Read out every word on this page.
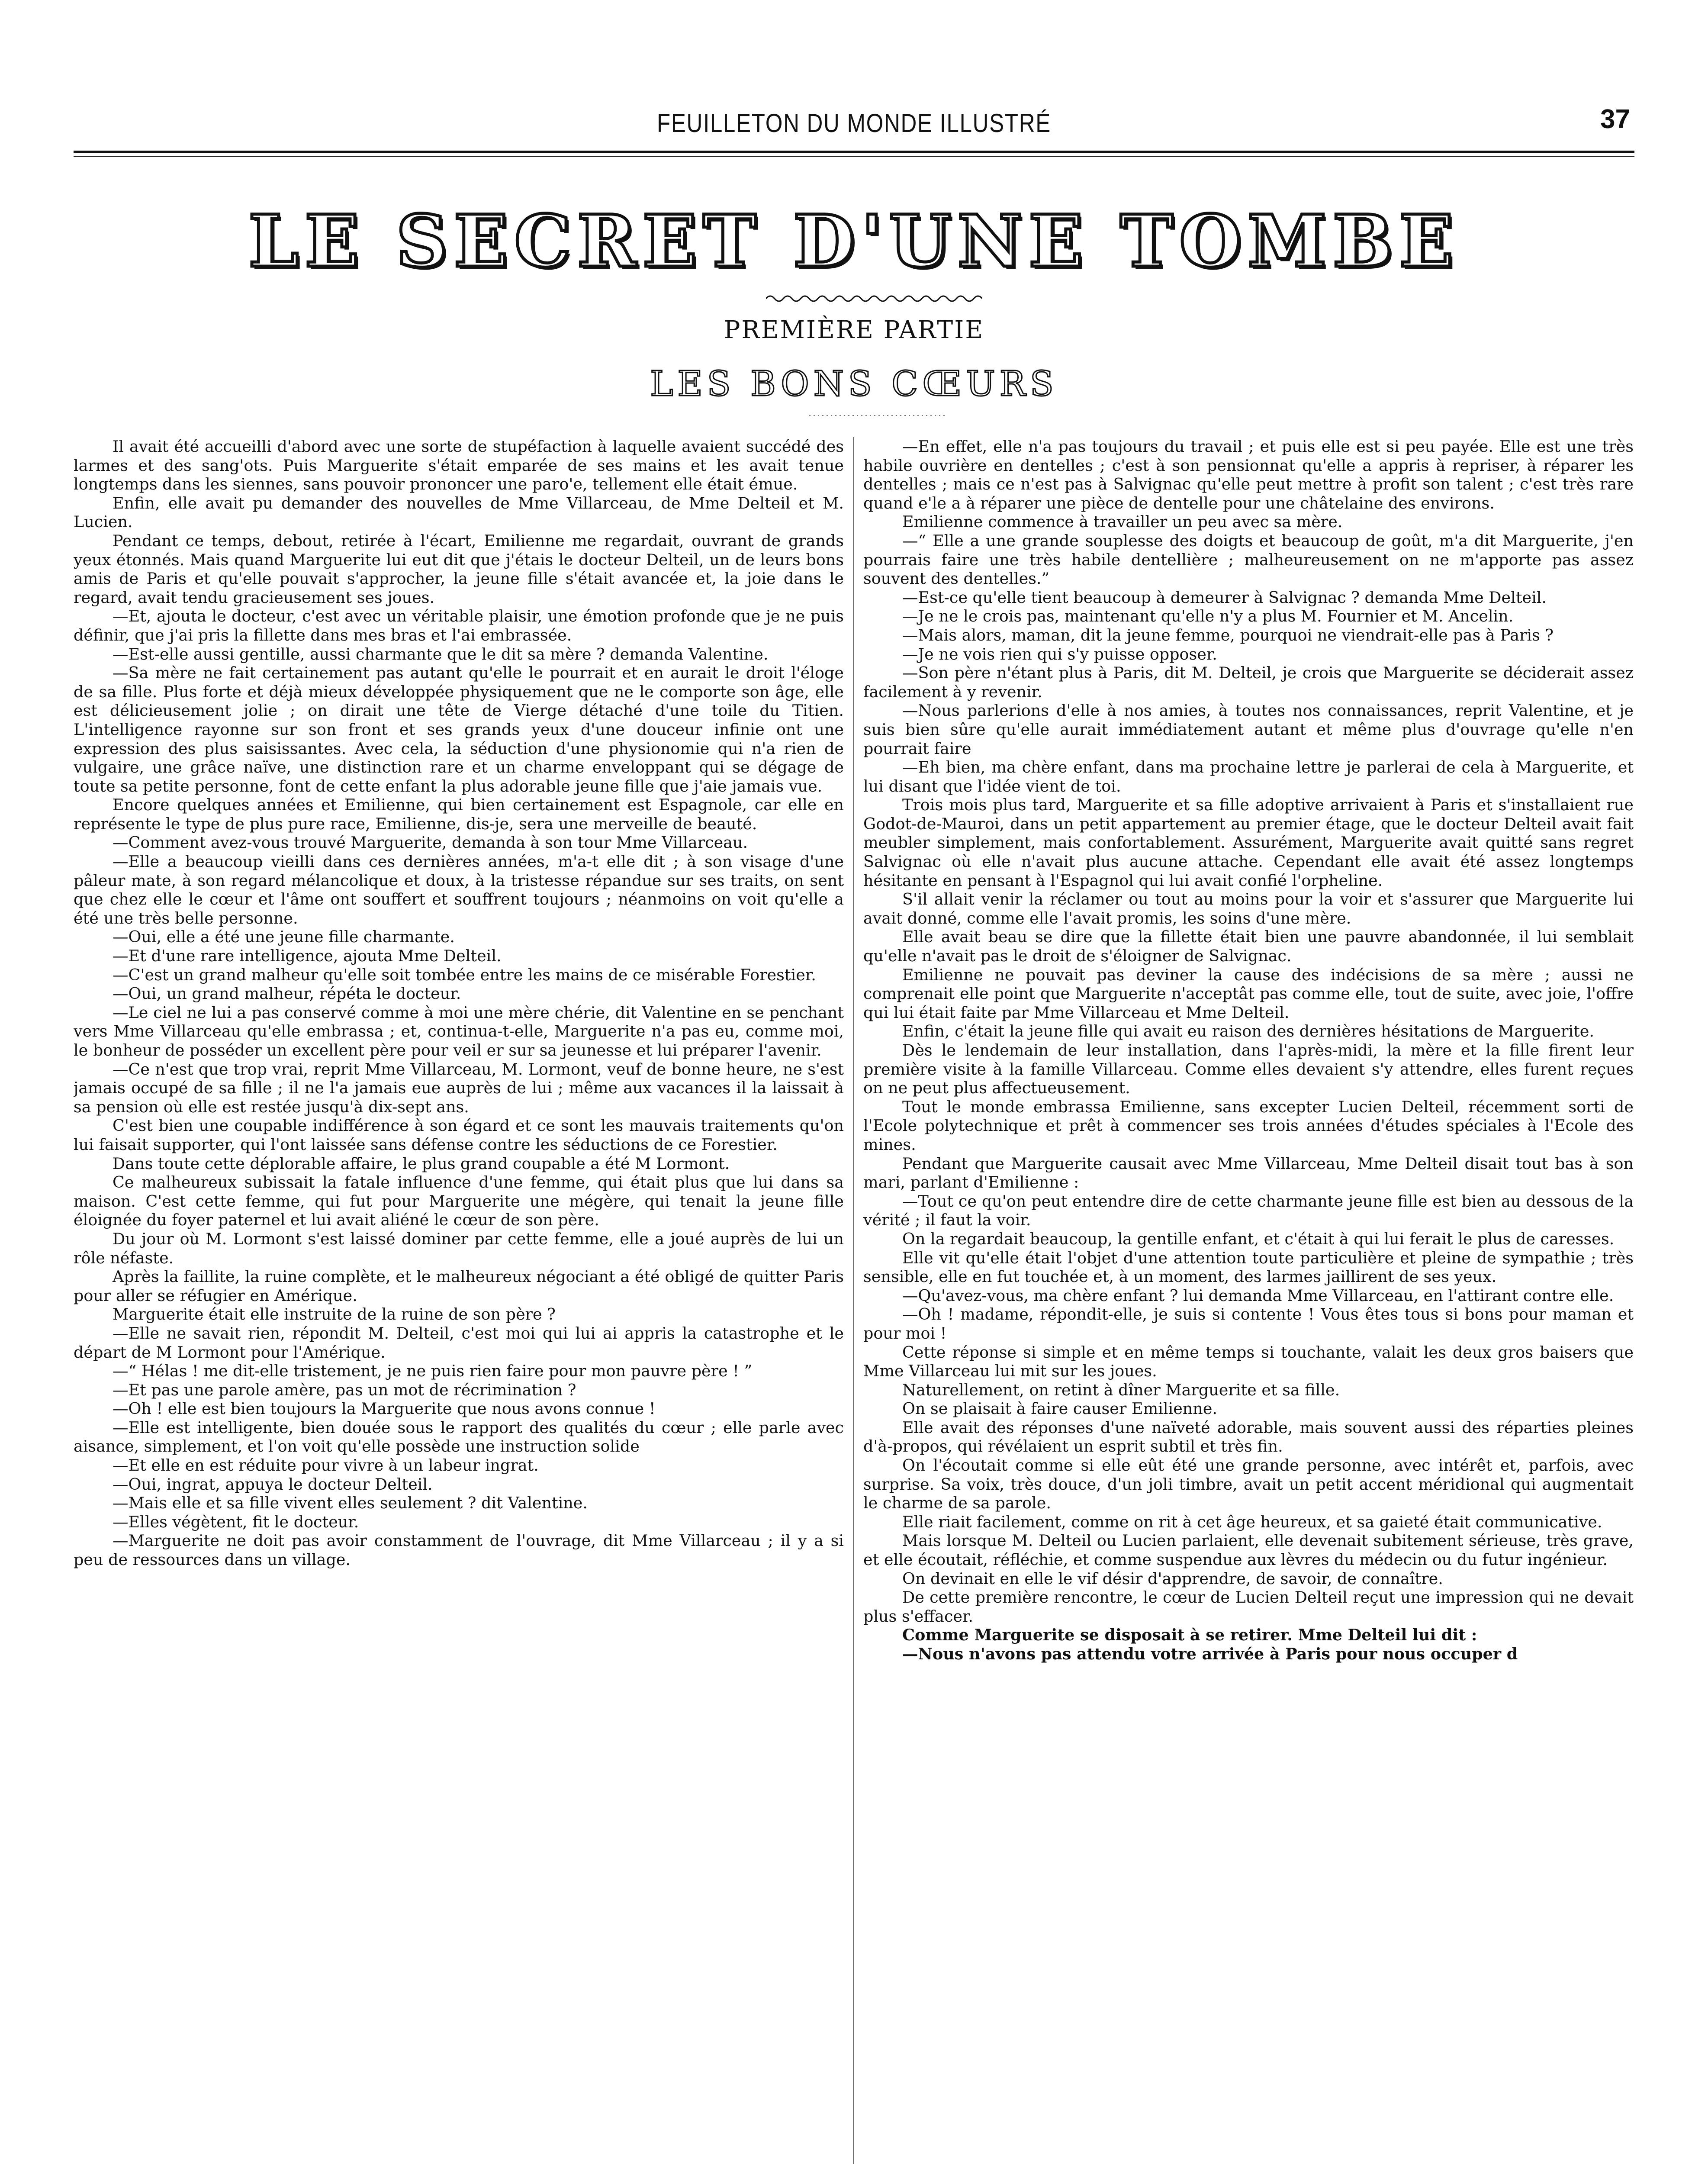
FEUILLETON DU MONDE ILLUSTRÉ	37
LE SECRET D'UNE TOMBE
PREMIÈRE PARTIE
LES BONS CŒURS

Il avait été accueilli d'abord avec une sorte de stupéfaction à laquelle avaient succédé des larmes et des sang'ots. Puis Marguerite s'était emparée de ses mains et les avait tenue longtemps dans les siennes, sans pouvoir prononcer une paro'e, tellement elle était émue.

Enfin, elle avait pu demander des nouvelles de Mme Villarceau, de Mme Delteil et M. Lucien.

Pendant ce temps, debout, retirée à l'écart, Emilienne me regardait, ouvrant de grands yeux étonnés. Mais quand Marguerite lui eut dit que j'étais le docteur Delteil, un de leurs bons amis de Paris et qu'elle pouvait s'approcher, la jeune fille s'était avancée et, la joie dans le regard, avait tendu gracieusement ses joues.

—Et, ajouta le docteur, c'est avec un véritable plaisir, une émotion profonde que je ne puis définir, que j'ai pris la fillette dans mes bras et l'ai embrassée.

—Est-elle aussi gentille, aussi charmante que le dit sa mère ? demanda Valentine.

—Sa mère ne fait certainement pas autant qu'elle le pourrait et en aurait le droit l'éloge de sa fille. Plus forte et déjà mieux développée physiquement que ne le comporte son âge, elle est délicieusement jolie ; on dirait une tête de Vierge détaché d'une toile du Titien. L'intelligence rayonne sur son front et ses grands yeux d'une douceur infinie ont une expression des plus saisissantes. Avec cela, la séduction d'une physionomie qui n'a rien de vulgaire, une grâce naïve, une distinction rare et un charme enveloppant qui se dégage de toute sa petite personne, font de cette enfant la plus adorable jeune fille que j'aie jamais vue.

Encore quelques années et Emilienne, qui bien certainement est Espagnole, car elle en représente le type de plus pure race, Emilienne, dis-je, sera une merveille de beauté.

—Comment avez-vous trouvé Marguerite, demanda à son tour Mme Villarceau.

—Elle a beaucoup vieilli dans ces dernières années, m'a-t elle dit ; à son visage d'une pâleur mate, à son regard mélancolique et doux, à la tristesse répandue sur ses traits, on sent que chez elle le cœur et l'âme ont souffert et souffrent toujours ; néanmoins on voit qu'elle a été une très belle personne.

—Oui, elle a été une jeune fille charmante.

—Et d'une rare intelligence, ajouta Mme Delteil.

—C'est un grand malheur qu'elle soit tombée entre les mains de ce misérable Forestier.

—Oui, un grand malheur, répéta le docteur.

—Le ciel ne lui a pas conservé comme à moi une mère chérie, dit Valentine en se penchant vers Mme Villarceau qu'elle embrassa ; et, continua-t-elle, Marguerite n'a pas eu, comme moi, le bonheur de posséder un excellent père pour veil er sur sa jeunesse et lui préparer l'avenir.

—Ce n'est que trop vrai, reprit Mme Villarceau, M. Lormont, veuf de bonne heure, ne s'est jamais occupé de sa fille ; il ne l'a jamais eue auprès de lui ; même aux vacances il la laissait à sa pension où elle est restée jusqu'à dix-sept ans.

C'est bien une coupable indifférence à son égard et ce sont les mauvais traitements qu'on lui faisait supporter, qui l'ont laissée sans défense contre les séductions de ce Forestier.

Dans toute cette déplorable affaire, le plus grand coupable a été M Lormont.

Ce malheureux subissait la fatale influence d'une femme, qui était plus que lui dans sa maison. C'est cette femme, qui fut pour Marguerite une mégère, qui tenait la jeune fille éloignée du foyer paternel et lui avait aliéné le cœur de son père.

Du jour où M. Lormont s'est laissé dominer par cette femme, elle a joué auprès de lui un rôle néfaste.

Après la faillite, la ruine complète, et le malheureux négociant a été obligé de quitter Paris pour aller se réfugier en Amérique.

Marguerite était elle instruite de la ruine de son père ?

—Elle ne savait rien, répondit M. Delteil, c'est moi qui lui ai appris la catastrophe et le départ de M Lormont pour l'Amérique.

—“ Hélas ! me dit-elle tristement, je ne puis rien faire pour mon pauvre père ! ”

—Et pas une parole amère, pas un mot de récrimination ?

—Oh ! elle est bien toujours la Marguerite que nous avons connue !

—Elle est intelligente, bien douée sous le rapport des qualités du cœur ; elle parle avec aisance, simplement, et l'on voit qu'elle possède une instruction solide

—Et elle en est réduite pour vivre à un labeur ingrat.

—Oui, ingrat, appuya le docteur Delteil.

—Mais elle et sa fille vivent elles seulement ? dit Valentine.

—Elles végètent, fit le docteur.

—Marguerite ne doit pas avoir constamment de l'ouvrage, dit Mme Villarceau ; il y a si peu de ressources dans un village.

—En effet, elle n'a pas toujours du travail ; et puis elle est si peu payée. Elle est une très habile ouvrière en dentelles ; c'est à son pensionnat qu'elle a appris à repriser, à réparer les dentelles ; mais ce n'est pas à Salvignac qu'elle peut mettre à profit son talent ; c'est très rare quand e'le a à réparer une pièce de dentelle pour une châtelaine des environs.

Emilienne commence à travailler un peu avec sa mère.

—“ Elle a une grande souplesse des doigts et beaucoup de goût, m'a dit Marguerite, j'en pourrais faire une très habile dentellière ; malheureusement on ne m'apporte pas assez souvent des dentelles.”

—Est-ce qu'elle tient beaucoup à demeurer à Salvignac ? demanda Mme Delteil.

—Je ne le crois pas, maintenant qu'elle n'y a plus M. Fournier et M. Ancelin.

—Mais alors, maman, dit la jeune femme, pourquoi ne viendrait-elle pas à Paris ?

—Je ne vois rien qui s'y puisse opposer.

—Son père n'étant plus à Paris, dit M. Delteil, je crois que Marguerite se déciderait assez facilement à y revenir.

—Nous parlerions d'elle à nos amies, à toutes nos connaissances, reprit Valentine, et je suis bien sûre qu'elle aurait immédiatement autant et même plus d'ouvrage qu'elle n'en pourrait faire

—Eh bien, ma chère enfant, dans ma prochaine lettre je parlerai de cela à Marguerite, et lui disant que l'idée vient de toi.

Trois mois plus tard, Marguerite et sa fille adoptive arrivaient à Paris et s'installaient rue Godot-de-Mauroi, dans un petit appartement au premier étage, que le docteur Delteil avait fait meubler simplement, mais confortablement. Assurément, Marguerite avait quitté sans regret Salvignac où elle n'avait plus aucune attache. Cependant elle avait été assez longtemps hésitante en pensant à l'Espagnol qui lui avait confié l'orpheline.

S'il allait venir la réclamer ou tout au moins pour la voir et s'assurer que Marguerite lui avait donné, comme elle l'avait promis, les soins d'une mère.

Elle avait beau se dire que la fillette était bien une pauvre abandonnée, il lui semblait qu'elle n'avait pas le droit de s'éloigner de Salvignac.

Emilienne ne pouvait pas deviner la cause des indécisions de sa mère ; aussi ne comprenait elle point que Marguerite n'acceptât pas comme elle, tout de suite, avec joie, l'offre qui lui était faite par Mme Villarceau et Mme Delteil.

Enfin, c'était la jeune fille qui avait eu raison des dernières hésitations de Marguerite.

Dès le lendemain de leur installation, dans l'après-midi, la mère et la fille firent leur première visite à la famille Villarceau. Comme elles devaient s'y attendre, elles furent reçues on ne peut plus affectueusement.

Tout le monde embrassa Emilienne, sans excepter Lucien Delteil, récemment sorti de l'Ecole polytechnique et prêt à commencer ses trois années d'études spéciales à l'Ecole des mines.

Pendant que Marguerite causait avec Mme Villarceau, Mme Delteil disait tout bas à son mari, parlant d'Emilienne :

—Tout ce qu'on peut entendre dire de cette charmante jeune fille est bien au dessous de la vérité ; il faut la voir.

On la regardait beaucoup, la gentille enfant, et c'était à qui lui ferait le plus de caresses.

Elle vit qu'elle était l'objet d'une attention toute particulière et pleine de sympathie ; très sensible, elle en fut touchée et, à un moment, des larmes jaillirent de ses yeux.

—Qu'avez-vous, ma chère enfant ? lui demanda Mme Villarceau, en l'attirant contre elle.

—Oh ! madame, répondit-elle, je suis si contente ! Vous êtes tous si bons pour maman et pour moi !

Cette réponse si simple et en même temps si touchante, valait les deux gros baisers que Mme Villarceau lui mit sur les joues.

Naturellement, on retint à dîner Marguerite et sa fille.

On se plaisait à faire causer Emilienne.

Elle avait des réponses d'une naïveté adorable, mais souvent aussi des réparties pleines d'à-propos, qui révélaient un esprit subtil et très fin.

On l'écoutait comme si elle eût été une grande personne, avec intérêt et, parfois, avec surprise. Sa voix, très douce, d'un joli timbre, avait un petit accent méridional qui augmentait le charme de sa parole.

Elle riait facilement, comme on rit à cet âge heureux, et sa gaieté était communicative.

Mais lorsque M. Delteil ou Lucien parlaient, elle devenait subitement sérieuse, très grave, et elle écoutait, réfléchie, et comme suspendue aux lèvres du médecin ou du futur ingénieur.

On devinait en elle le vif désir d'apprendre, de savoir, de connaître.

De cette première rencontre, le cœur de Lucien Delteil reçut une impression qui ne devait plus s'effacer.

Comme Marguerite se disposait à se retirer. Mme Delteil lui dit :

—Nous n'avons pas attendu votre arrivée à Paris pour nous occuper d
